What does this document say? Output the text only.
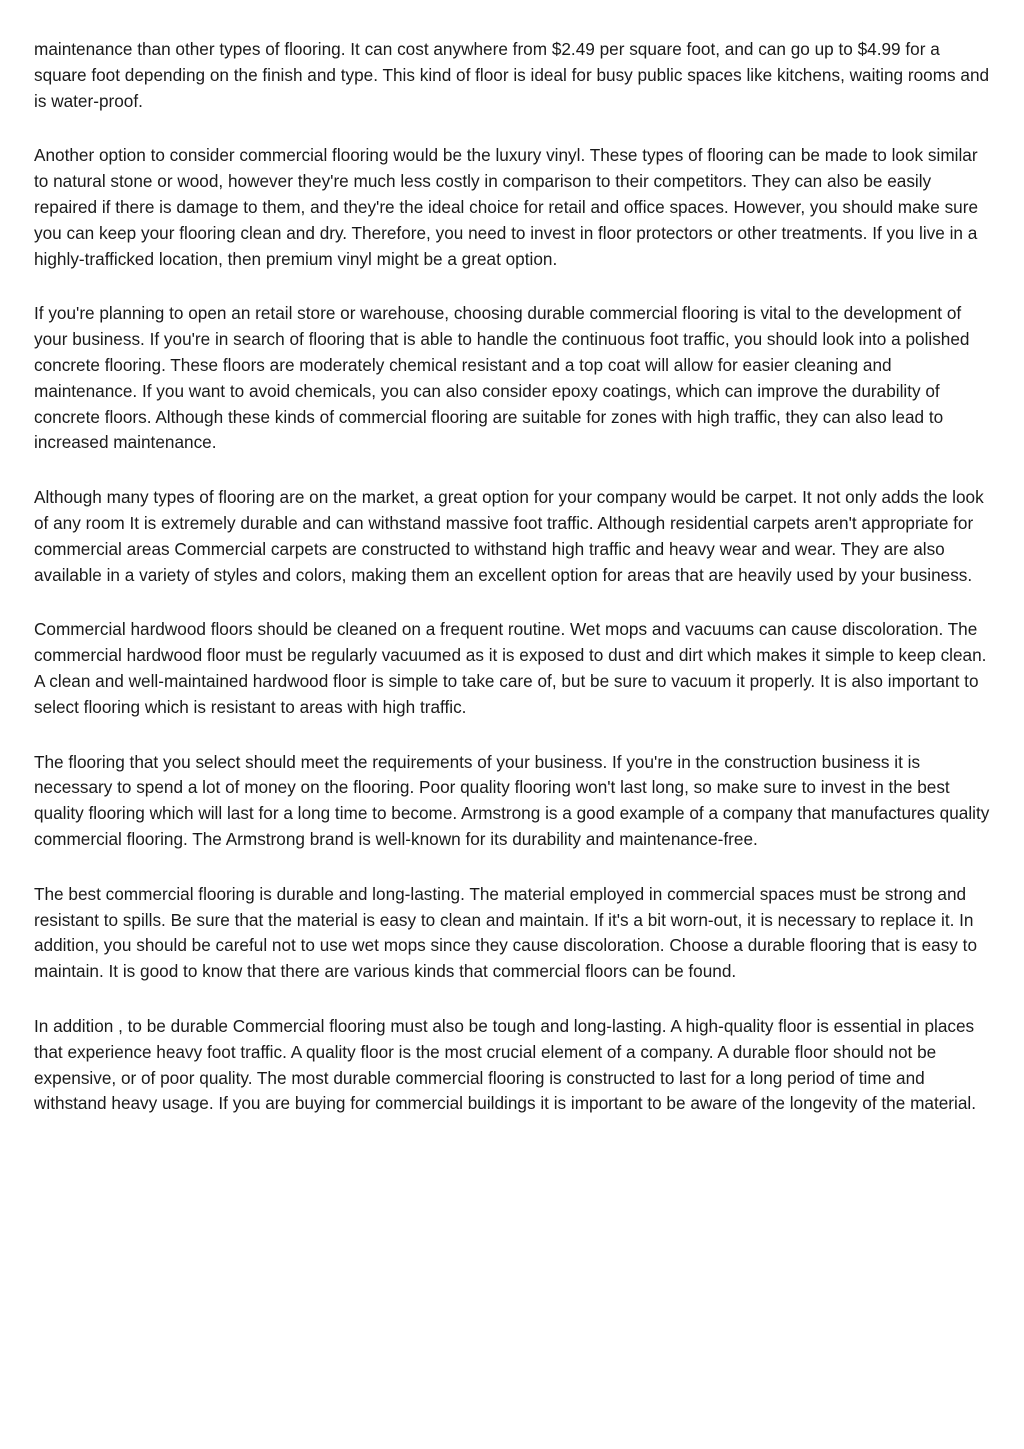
maintenance than other types of flooring. It can cost anywhere from $2.49 per square foot, and can go up to $4.99 for a square foot depending on the finish and type. This kind of floor is ideal for busy public spaces like kitchens, waiting rooms and is water-proof.

Another option to consider commercial flooring would be the luxury vinyl. These types of flooring can be made to look similar to natural stone or wood, however they're much less costly in comparison to their competitors. They can also be easily repaired if there is damage to them, and they're the ideal choice for retail and office spaces. However, you should make sure you can keep your flooring clean and dry. Therefore, you need to invest in floor protectors or other treatments. If you live in a highly-trafficked location, then premium vinyl might be a great option.

If you're planning to open an retail store or warehouse, choosing durable commercial flooring is vital to the development of your business. If you're in search of flooring that is able to handle the continuous foot traffic, you should look into a polished concrete flooring. These floors are moderately chemical resistant and a top coat will allow for easier cleaning and maintenance. If you want to avoid chemicals, you can also consider epoxy coatings, which can improve the durability of concrete floors. Although these kinds of commercial flooring are suitable for zones with high traffic, they can also lead to increased maintenance.

Although many types of flooring are on the market, a great option for your company would be carpet. It not only adds the look of any room It is extremely durable and can withstand massive foot traffic. Although residential carpets aren't appropriate for commercial areas Commercial carpets are constructed to withstand high traffic and heavy wear and wear. They are also available in a variety of styles and colors, making them an excellent option for areas that are heavily used by your business.

Commercial hardwood floors should be cleaned on a frequent routine. Wet mops and vacuums can cause discoloration. The commercial hardwood floor must be regularly vacuumed as it is exposed to dust and dirt which makes it simple to keep clean. A clean and well-maintained hardwood floor is simple to take care of, but be sure to vacuum it properly. It is also important to select flooring which is resistant to areas with high traffic.

The flooring that you select should meet the requirements of your business. If you're in the construction business it is necessary to spend a lot of money on the flooring. Poor quality flooring won't last long, so make sure to invest in the best quality flooring which will last for a long time to become. Armstrong is a good example of a company that manufactures quality commercial flooring. The Armstrong brand is well-known for its durability and maintenance-free.

The best commercial flooring is durable and long-lasting. The material employed in commercial spaces must be strong and resistant to spills. Be sure that the material is easy to clean and maintain. If it's a bit worn-out, it is necessary to replace it. In addition, you should be careful not to use wet mops since they cause discoloration. Choose a durable flooring that is easy to maintain. It is good to know that there are various kinds that commercial floors can be found.

In addition , to be durable Commercial flooring must also be tough and long-lasting. A high-quality floor is essential in places that experience heavy foot traffic. A quality floor is the most crucial element of a company. A durable floor should not be expensive, or of poor quality. The most durable commercial flooring is constructed to last for a long period of time and withstand heavy usage. If you are buying for commercial buildings it is important to be aware of the longevity of the material.
